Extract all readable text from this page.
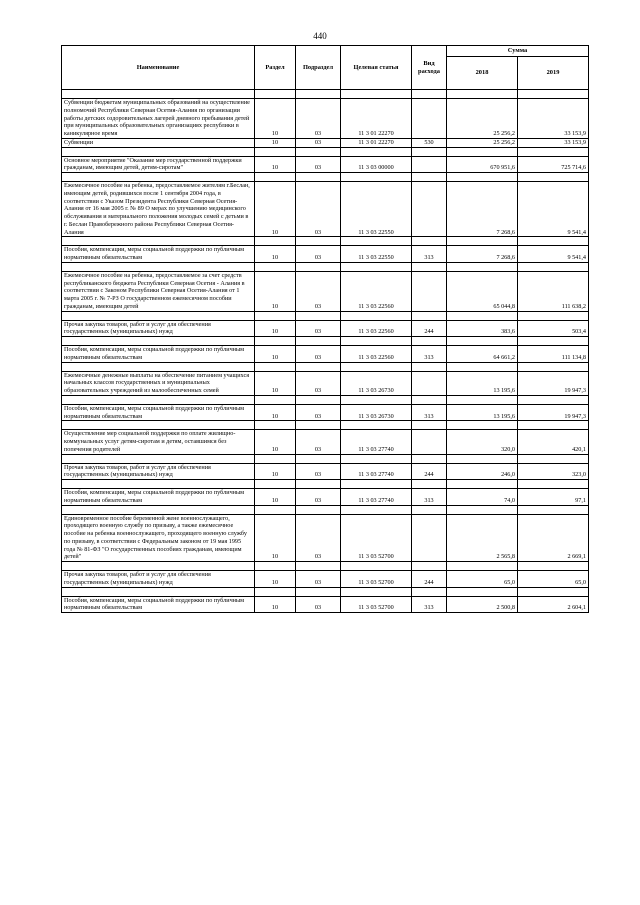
440
Наименование	Раздел	Подраздел	Целевая статья	Вид расхода	Сумма	
					2018	2019

Субвенции бюджетам муниципальных образований на осуществление полномочий Республики Северная Осетия-Алания по организации работы детских оздоровительных лагерей дневного пребывания детей при муниципальных образовательных организациях республики в каникулярное время	10	03	11 3 01 22270		25 256,2	33 153,9
Субвенции	10	03	11 3 01 22270	530	25 256,2	33 153,9

Основное мероприятие "Оказание мер государственной поддержки гражданам, имеющим детей, детям-сиротам"	10	03	11 3 03 00000		670 951,6	725 714,6

Ежемесячное пособие на ребенка, предоставляемое жителям г.Беслан, имеющим детей, родившихся после 1 сентября 2004 года, в соответствии с Указом Президента Республики Северная Осетия-Алания от 16 мая 2005 г. № 89 О мерах по улучшению медицинского обслуживания и материального положения молодых семей с детьми в г. Беслан Правобережного района Республики Северная Осетия-Алания	10	03	11 3 03 22550		7 268,6	9 541,4

Пособия, компенсации, меры социальной поддержки по публичным нормативным обязательствам	10	03	11 3 03 22550	313	7 268,6	9 541,4

Ежемесячное пособие на ребенка, предоставляемое за счет средств республиканского бюджета Республики Северная Осетия - Алания в соответствии с Законом Республики Северная Осетия-Алания от 1 марта 2005 г. № 7-РЗ О государственном ежемесячном пособии гражданам, имеющим детей	10	03	11 3 03 22560		65 044,8	111 638,2

Прочая закупка товаров, работ и услуг для обеспечения государственных (муниципальных) нужд	10	03	11 3 03 22560	244	383,6	503,4

Пособия, компенсации, меры социальной поддержки по публичным нормативным обязательствам	10	03	11 3 03 22560	313	64 661,2	111 134,8

Ежемесячные денежные выплаты на обеспечение питанием учащихся начальных классов государственных и муниципальных образовательных учреждений из малообеспеченных семей	10	03	11 3 03 26730		13 195,6	19 947,3

Пособия, компенсации, меры социальной поддержки по публичным нормативным обязательствам	10	03	11 3 03 26730	313	13 195,6	19 947,3

Осуществление мер социальной поддержки по оплате жилищно-коммунальных услуг детям-сиротам и детям, оставшимся без попечения родителей	10	03	11 3 03 27740		320,0	420,1

Прочая закупка товаров, работ и услуг для обеспечения государственных (муниципальных) нужд	10	03	11 3 03 27740	244	246,0	323,0

Пособия, компенсации, меры социальной поддержки по публичным нормативным обязательствам	10	03	11 3 03 27740	313	74,0	97,1

Единовременное пособие беременной жене военнослужащего, проходящего военную службу по призыву, а также ежемесячное пособие на ребенка военнослужащего, проходящего военную службу по призыву, в соответствии с Федеральным законом от 19 мая 1995 года № 81-ФЗ "О государственных пособиях гражданам, имеющим детей"	10	03	11 3 03 52700		2 565,8	2 669,1

Прочая закупка товаров, работ и услуг для обеспечения государственных (муниципальных) нужд	10	03	11 3 03 52700	244	65,0	65,0

Пособия, компенсации, меры социальной поддержки по публичным нормативным обязательствам	10	03	11 3 03 52700	313	2 500,8	2 604,1
